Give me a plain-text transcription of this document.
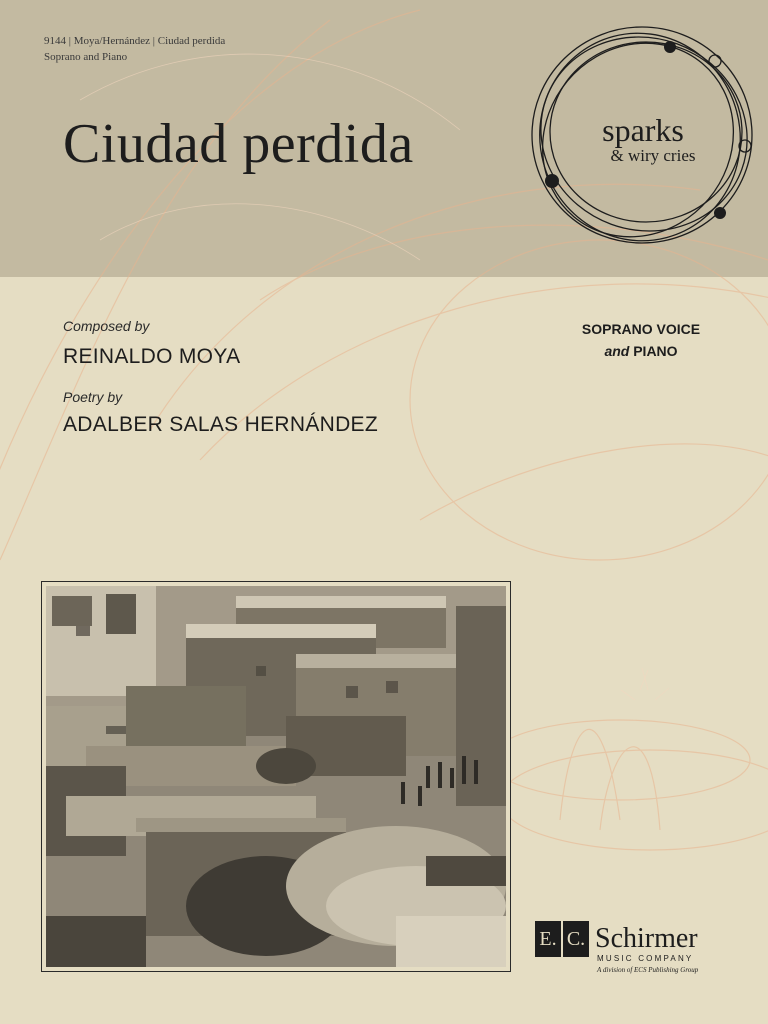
9144 | Moya/Hernández | Ciudad perdida
Soprano and Piano
Ciudad perdida	sparks
& wiry cries
Composed by
REINALDO MOYA
Poetry by
ADALBER SALAS HERNÁNDEZ
SOPRANO VOICE
and PIANO
E. C. Schirmer
MUSIC COMPANY
A division of ECS Publishing Group
